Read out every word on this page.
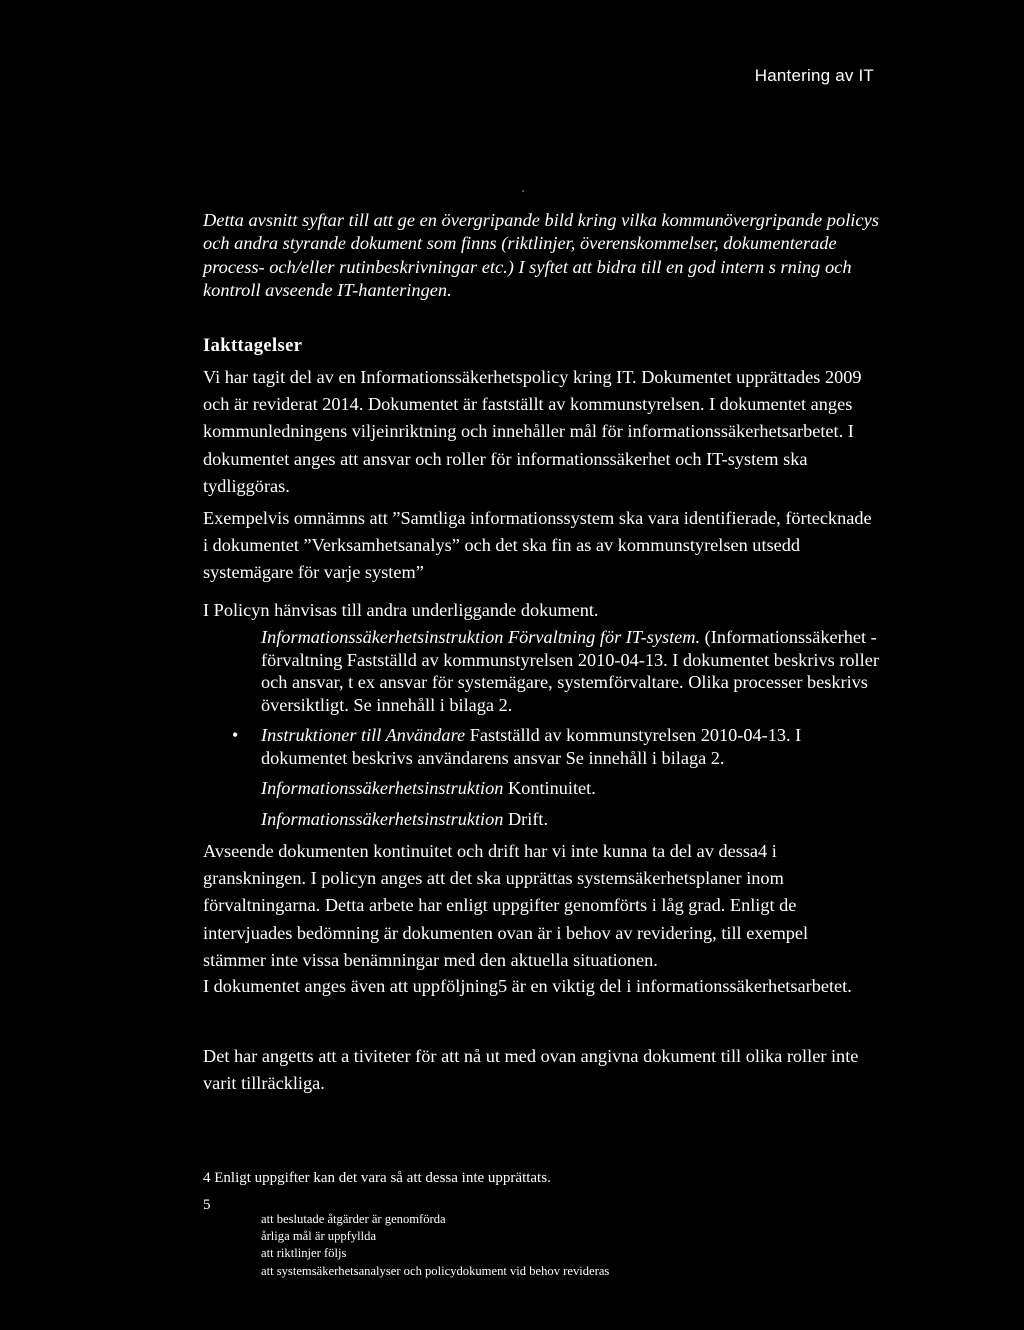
Hantering av IT
Detta avsnitt syftar till att ge en övergripande bild kring vilka kommunövergripande policys och andra styrande dokument som finns (riktlinjer, överenskommelser, dokumenterade process- och/eller rutinbeskrivningar etc.) I syftet att bidra till en god intern s rning och kontroll avseende IT-hanteringen.
Iakttagelser
Vi har tagit del av en Informationssäkerhetspolicy kring IT. Dokumentet upprättades 2009 och är reviderat 2014. Dokumentet är fastställt av kommunstyrelsen. I dokumentet anges kommunledningens viljeinriktning och innehåller mål för informationssäkerhetsarbetet. I dokumentet anges att ansvar och roller för informationssäkerhet och IT-system ska tydliggöras.
Exempelvis omnämns att ”Samtliga informationssystem ska vara identifierade, förtecknade i dokumentet ”Verksamhetsanalys” och det ska fin as av kommunstyrelsen utsedd systemägare för varje system”
I Policyn hänvisas till andra underliggande dokument.
Informationssäkerhetsinstruktion Förvaltning för IT-system. (Informationssäkerhet -förvaltning Fastställd av kommunstyrelsen 2010-04-13. I dokumentet beskrivs roller och ansvar, t ex ansvar för systemägare, systemförvaltare. Olika processer beskrivs översiktligt. Se innehåll i bilaga 2.
• Instruktioner till Användare Fastställd av kommunstyrelsen 2010-04-13. I dokumentet beskrivs användarens ansvar Se innehåll i bilaga 2.
Informationssäkerhetsinstruktion Kontinuitet.
Informationssäkerhetsinstruktion Drift.
Avseende dokumenten kontinuitet och drift har vi inte kunna ta del av dessa4 i granskningen. I policyn anges att det ska upprättas systemsäkerhetsplaner inom förvaltningarna. Detta arbete har enligt uppgifter genomförts i låg grad. Enligt de intervjuades bedömning är dokumenten ovan är i behov av revidering, till exempel stämmer inte vissa benämningar med den aktuella situationen.
I dokumentet anges även att uppföljning5 är en viktig del i informationssäkerhetsarbetet.
Det har angetts att a tiviteter för att nå ut med ovan angivna dokument till olika roller inte varit tillräckliga.
4 Enligt uppgifter kan det vara så att dessa inte upprättats.
5
att beslutade åtgärder är genomförda
årliga mål är uppfyllda
att riktlinjer följs
att systemsäkerhetsanalyser och policydokument vid behov revideras
